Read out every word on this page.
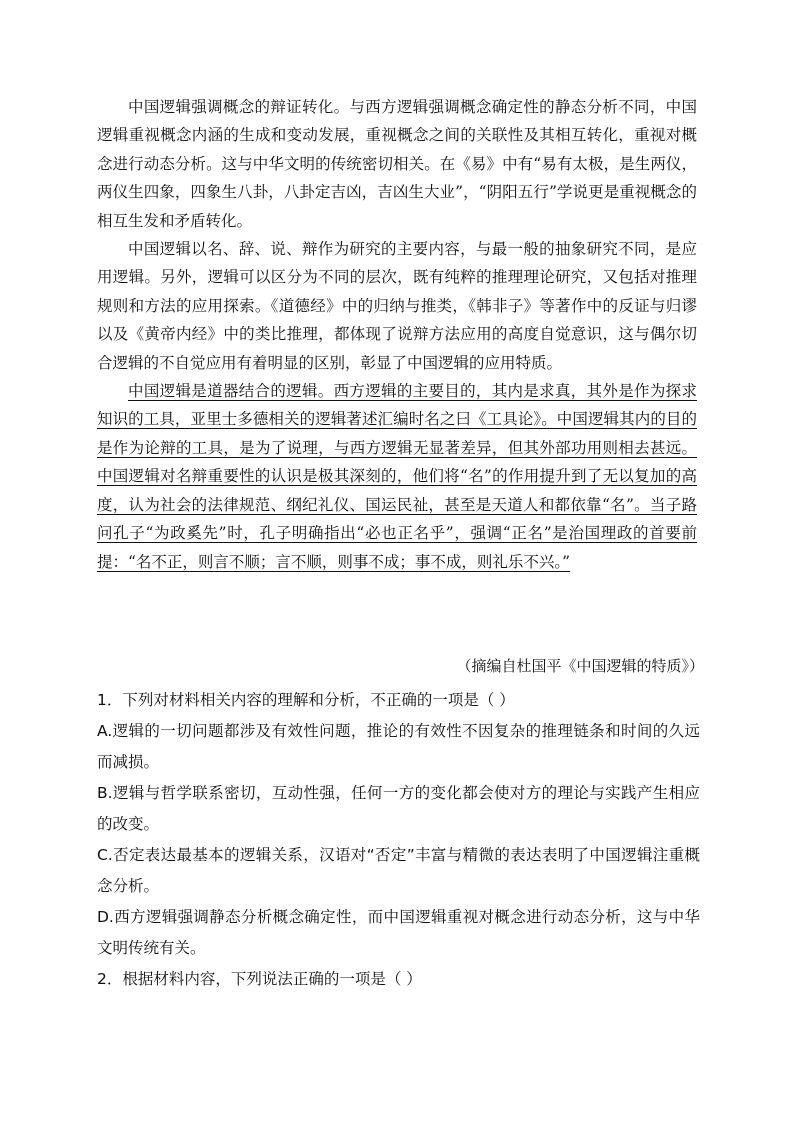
中国逻辑强调概念的辩证转化。与西方逻辑强调概念确定性的静态分析不同，中国逻辑重视概念内涵的生成和变动发展，重视概念之间的关联性及其相互转化，重视对概念进行动态分析。这与中华文明的传统密切相关。在《易》中有“易有太极，是生两仪，两仪生四象，四象生八卦，八卦定吉凶，吉凶生大业”，“阴阳五行”学说更是重视概念的相互生发和矛盾转化。

中国逻辑以名、辞、说、辩作为研究的主要内容，与最一般的抽象研究不同，是应用逻辑。另外，逻辑可以区分为不同的层次，既有纯粹的推理理论研究，又包括对推理规则和方法的应用探索。《道德经》中的归纳与推类，《韩非子》等著作中的反证与归谬以及《黄帝内经》中的类比推理，都体现了说辩方法应用的高度自觉意识，这与偶尔切合逻辑的不自觉应用有着明显的区别，彰显了中国逻辑的应用特质。

中国逻辑是道器结合的逻辑。西方逻辑的主要目的，其内是求真，其外是作为探求知识的工具，亚里士多德相关的逻辑著述汇编时名之曰《工具论》。中国逻辑其内的目的是作为论辩的工具，是为了说理，与西方逻辑无显著差异，但其外部功用则相去甚远。中国逻辑对名辩重要性的认识是极其深刻的，他们将“名”的作用提升到了无以复加的高度，认为社会的法律规范、纲纪礼仪、国运民祉，甚至是天道人和都依靠“名”。当子路问孔子“为政奚先”时，孔子明确指出“必也正名乎”，强调“正名”是治国理政的首要前提：“名不正，则言不顺；言不顺，则事不成；事不成，则礼乐不兴。”

（摘编自杜国平《中国逻辑的特质》）

1．下列对材料相关内容的理解和分析，不正确的一项是（ ）

A.逻辑的一切问题都涉及有效性问题，推论的有效性不因复杂的推理链条和时间的久远而减损。

B.逻辑与哲学联系密切，互动性强，任何一方的变化都会使对方的理论与实践产生相应的改变。

C.否定表达最基本的逻辑关系，汉语对“否定”丰富与精微的表达表明了中国逻辑注重概念分析。

D.西方逻辑强调静态分析概念确定性，而中国逻辑重视对概念进行动态分析，这与中华文明传统有关。

2．根据材料内容，下列说法正确的一项是（ ）
